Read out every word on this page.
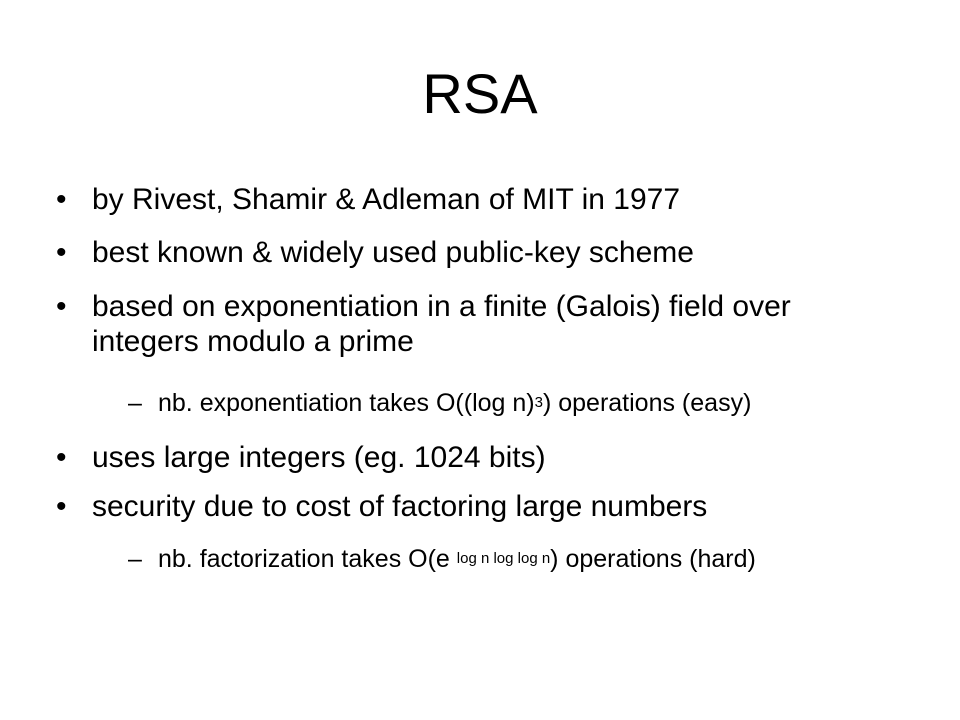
RSA
• by Rivest, Shamir & Adleman of MIT in 1977
• best known & widely used public-key scheme
• based on exponentiation in a finite (Galois) field over integers modulo a prime
– nb. exponentiation takes O((log n)$^3$) operations (easy)
• uses large integers (eg. 1024 bits)
• security due to cost of factoring large numbers
– nb. factorization takes O(e $^{log n log log n}$) operations (hard)
